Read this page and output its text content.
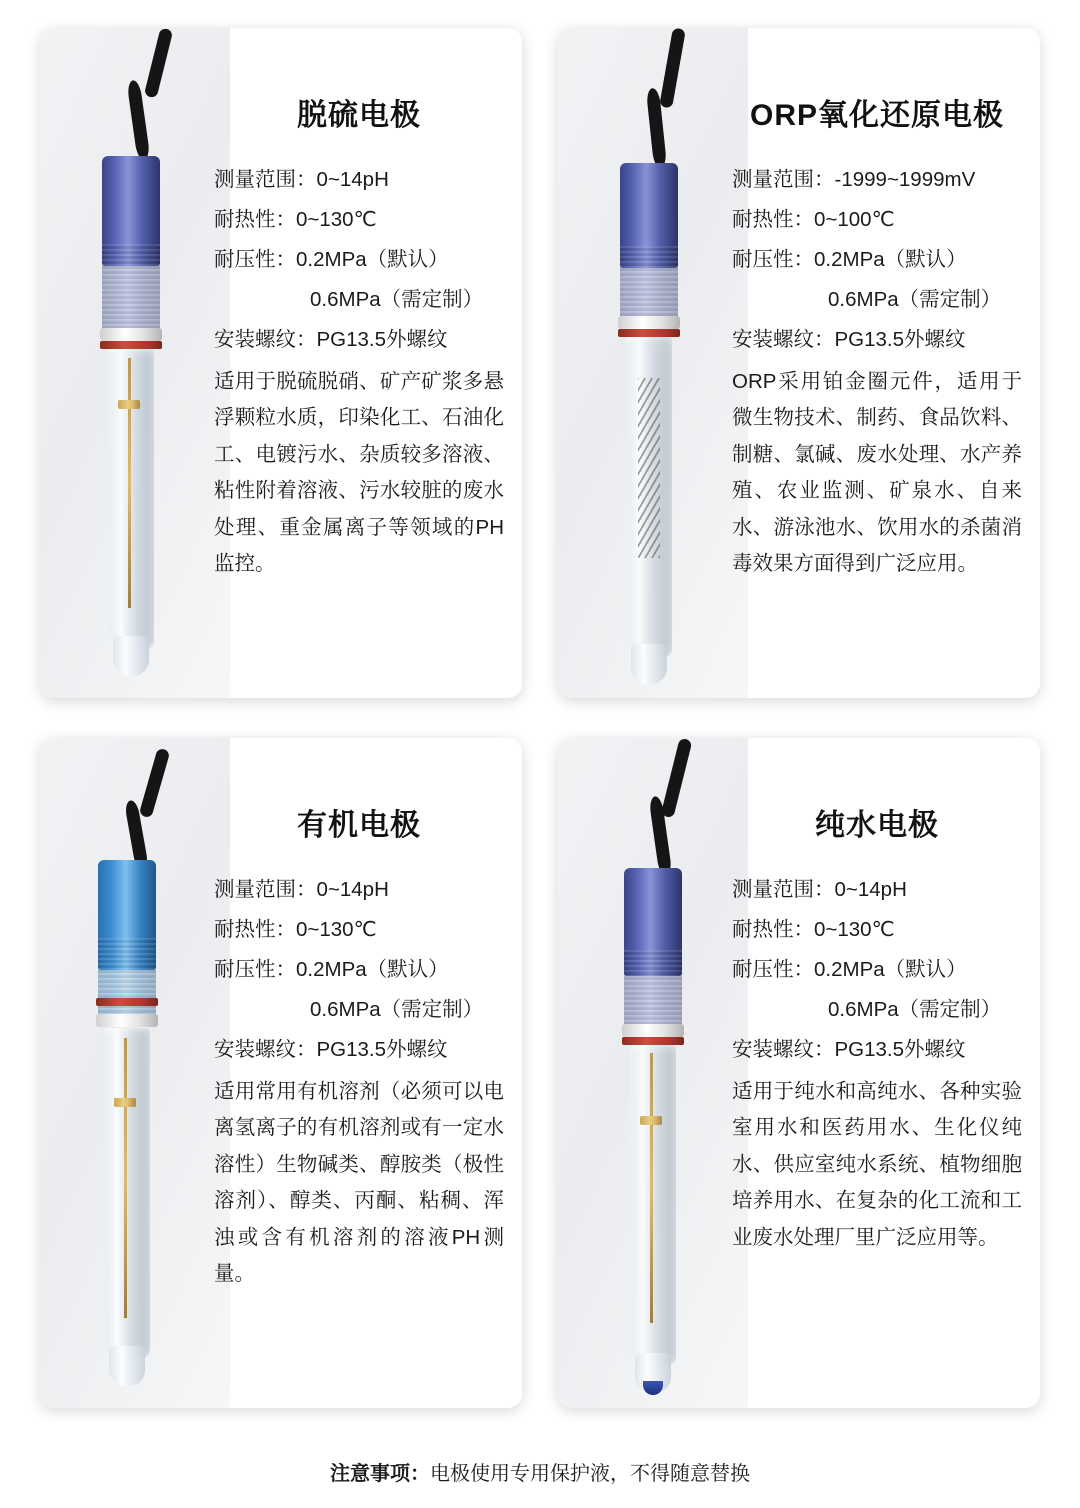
脱硫电极
测量范围：0~14pH
耐热性：0~130℃
耐压性：0.2MPa（默认）
0.6MPa（需定制）
安装螺纹：PG13.5外螺纹
适用于脱硫脱硝、矿产矿浆多悬浮颗粒水质，印染化工、石油化工、电镀污水、杂质较多溶液、粘性附着溶液、污水较脏的废水处理、重金属离子等领域的PH监控。
ORP氧化还原电极
测量范围：-1999~1999mV
耐热性：0~100℃
耐压性：0.2MPa（默认）
0.6MPa（需定制）
安装螺纹：PG13.5外螺纹
ORP采用铂金圈元件，适用于微生物技术、制药、食品饮料、制糖、氯碱、废水处理、水产养殖、农业监测、矿泉水、自来水、游泳池水、饮用水的杀菌消毒效果方面得到广泛应用。
有机电极
测量范围：0~14pH
耐热性：0~130℃
耐压性：0.2MPa（默认）
0.6MPa（需定制）
安装螺纹：PG13.5外螺纹
适用常用有机溶剂（必须可以电离氢离子的有机溶剂或有一定水溶性）生物碱类、醇胺类（极性溶剂）、醇类、丙酮、粘稠、浑浊或含有机溶剂的溶液PH测量。
纯水电极
测量范围：0~14pH
耐热性：0~130℃
耐压性：0.2MPa（默认）
0.6MPa（需定制）
安装螺纹：PG13.5外螺纹
适用于纯水和高纯水、各种实验室用水和医药用水、生化仪纯水、供应室纯水系统、植物细胞培养用水、在复杂的化工流和工业废水处理厂里广泛应用等。
注意事项：电极使用专用保护液，不得随意替换
